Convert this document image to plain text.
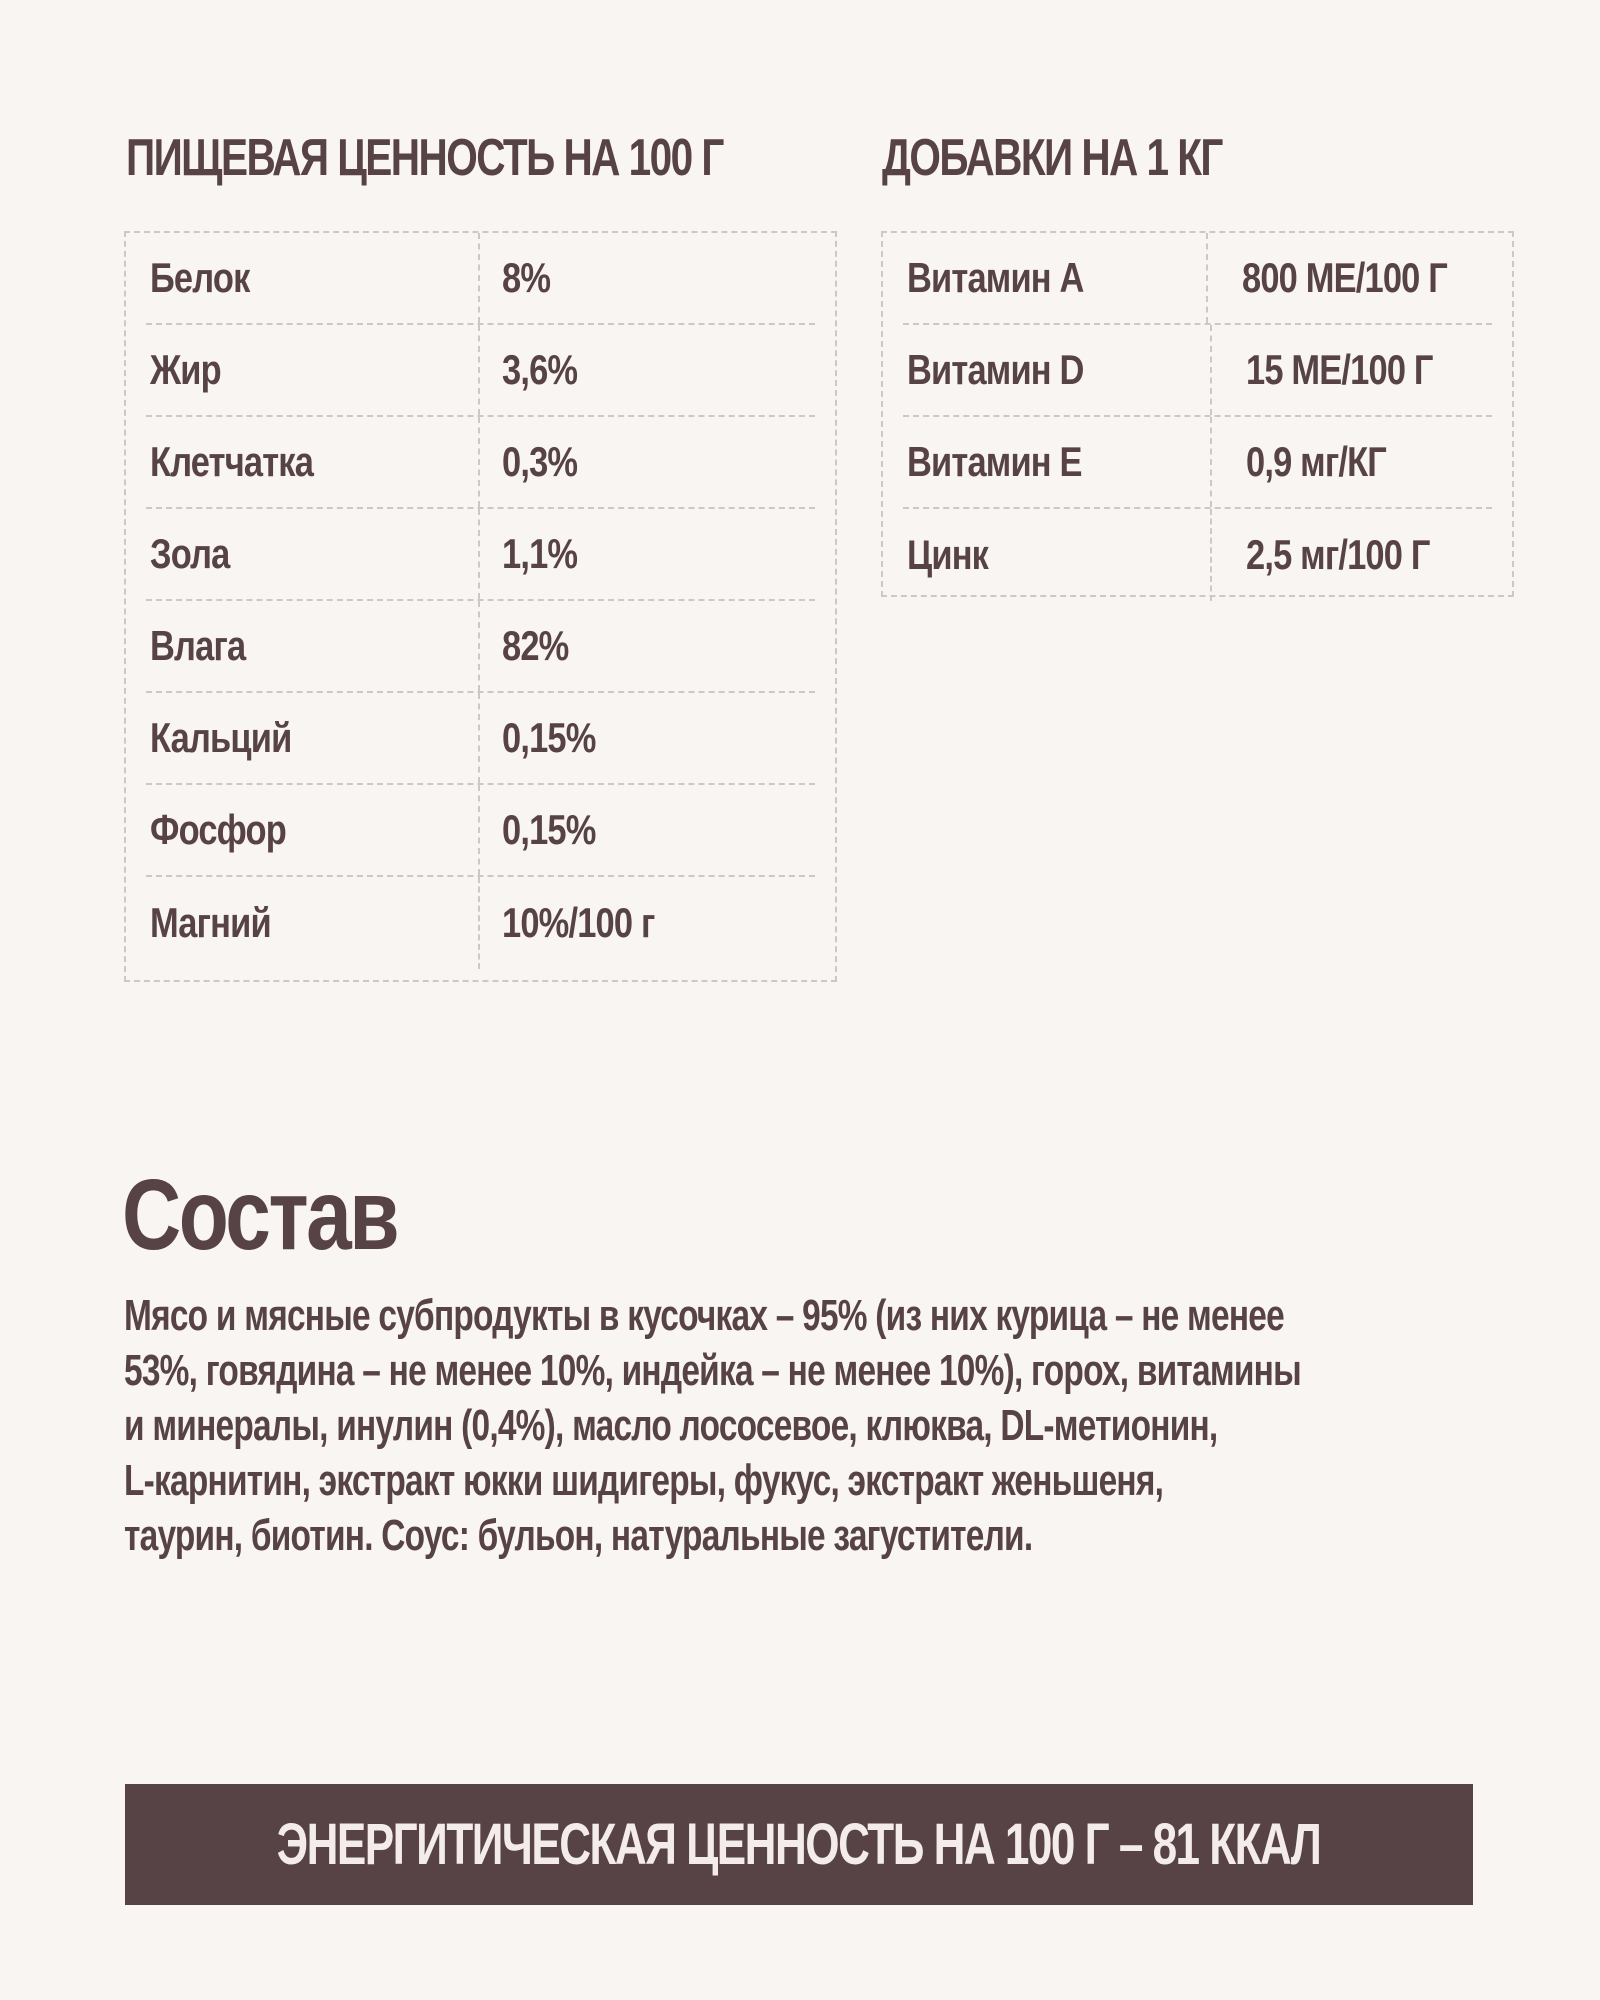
ПИЩЕВАЯ ЦЕННОСТЬ НА 100 Г
Белок	8%
Жир	3,6%
Клетчатка	0,3%
Зола	1,1%
Влага	82%
Кальций	0,15%
Фосфор	0,15%
Магний	10%/100 г
ДОБАВКИ НА 1 КГ
Витамин А	800 МЕ/100 Г
Витамин D	15 МЕ/100 Г
Витамин Е	0,9 мг/КГ
Цинк	2,5 мг/100 Г
Состав
Мясо и мясные субпродукты в кусочках – 95% (из них курица – не менее
53%, говядина – не менее 10%, индейка – не менее 10%), горох, витамины
и минералы, инулин (0,4%), масло лососевое, клюква, DL-метионин,
L-карнитин, экстракт юкки шидигеры, фукус, экстракт женьшеня,
таурин, биотин. Соус: бульон, натуральные загустители.
ЭНЕРГИТИЧЕСКАЯ ЦЕННОСТЬ НА 100 Г – 81 ККАЛ
